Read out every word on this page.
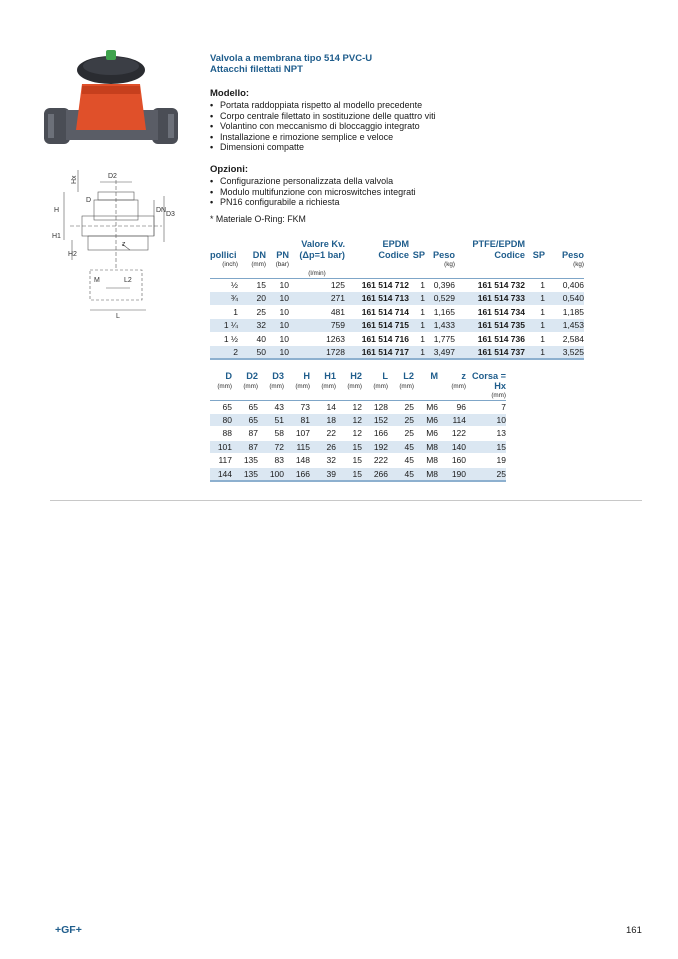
Hx	D2
D
H
H1
H2
DN
D3
z
M	L2
L
Valvola a membrana tipo 514 PVC-U
Attacchi filettati NPT
Modello:
• Portata raddoppiata rispetto al modello precedente
• Corpo centrale filettato in sostituzione delle quattro viti
• Volantino con meccanismo di bloccaggio integrato
• Installazione e rimozione semplice e veloce
• Dimensioni compatte
Opzioni:
• Configurazione personalizzata della valvola
• Modulo multifunzione con microswitches integrati
• PN16 configurabile a richiesta
* Materiale O-Ring: FKM
pollici	DN	PN	Valore Kv.
(Δp=1 bar)	EPDM
Codice	SP	Peso	PTFE/EPDM
Codice	SP	Peso
(inch)	(mm)	(bar)				(kg)			(kg)
			(l/min)						
½	15	10	125	161 514 712	1	0,396	161 514 732	1	0,406
¾	20	10	271	161 514 713	1	0,529	161 514 733	1	0,540
1	25	10	481	161 514 714	1	1,165	161 514 734	1	1,185
1 ¼	32	10	759	161 514 715	1	1,433	161 514 735	1	1,453
1 ½	40	10	1263	161 514 716	1	1,775	161 514 736	1	2,584
2	50	10	1728	161 514 717	1	3,497	161 514 737	1	3,525
D	D2	D3	H	H1	H2	L	L2	M	z	Corsa =
(mm)	(mm)	(mm)	(mm)	(mm)	(mm)	(mm)	(mm)		(mm)	Hx
										(mm)
65	65	43	73	14	12	128	25	M6	96	7
80	65	51	81	18	12	152	25	M6	114	10
88	87	58	107	22	12	166	25	M6	122	13
101	87	72	115	26	15	192	45	M8	140	15
117	135	83	148	32	15	222	45	M8	160	19
144	135	100	166	39	15	266	45	M8	190	25
+GF+	161
